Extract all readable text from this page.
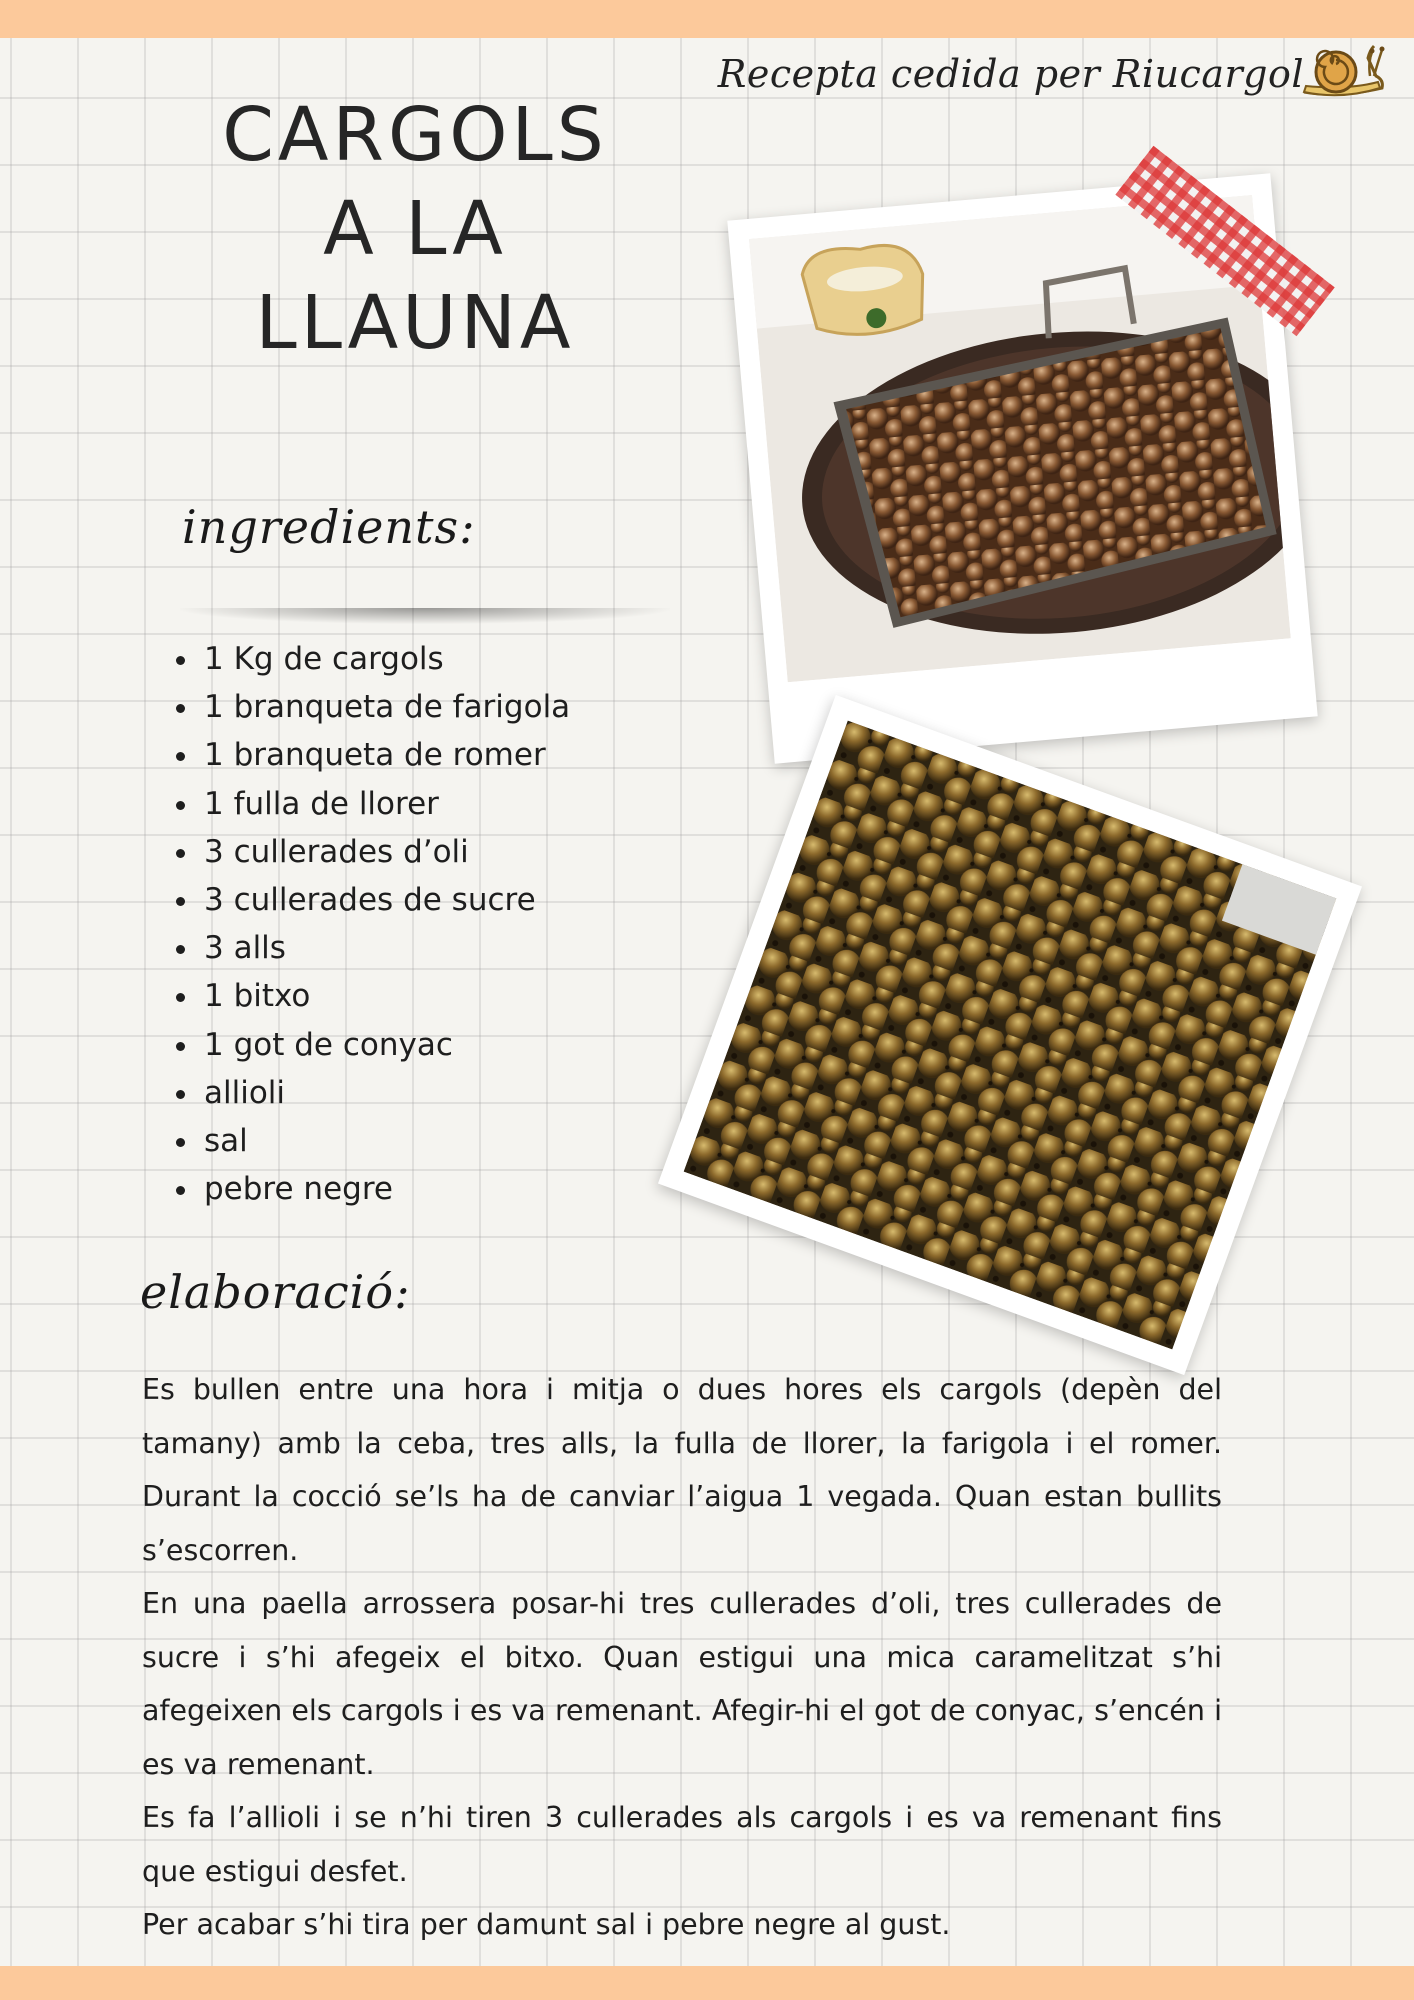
Recepta cedida per Riucargol
CARGOLS
A LA
LLAUNA
ingredients:
• 1 Kg de cargols
• 1 branqueta de farigola
• 1 branqueta de romer
• 1 fulla de llorer
• 3 cullerades d’oli
• 3 cullerades de sucre
• 3 alls
• 1 bitxo
• 1 got de conyac
• allioli
• sal
• pebre negre
elaboració:

Es bullen entre una hora i mitja o dues hores els cargols (depèn del tamany) amb la ceba, tres alls, la fulla de llorer, la farigola i el romer. Durant la cocció se’ls ha de canviar l’aigua 1 vegada. Quan estan bullits s’escorren.

En una paella arrossera posar-hi tres cullerades d’oli, tres cullerades de sucre i s’hi afegeix el bitxo. Quan estigui una mica caramelitzat s’hi afegeixen els cargols i es va remenant. Afegir-hi el got de conyac, s’encén i es va remenant.

Es fa l’allioli i se n’hi tiren 3 cullerades als cargols i es va remenant fins que estigui desfet.

Per acabar s’hi tira per damunt sal i pebre negre al gust.
